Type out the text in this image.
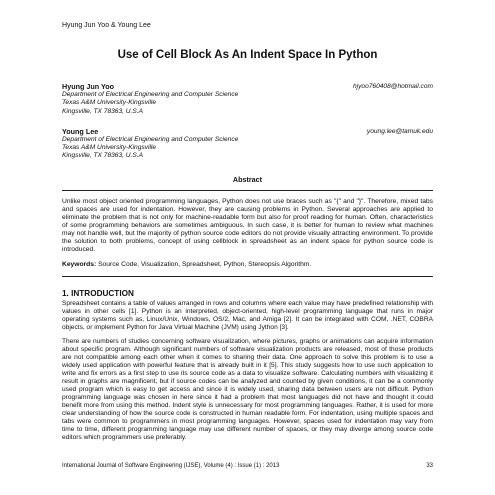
Hyung Jun Yoo & Young Lee
Use of Cell Block As An Indent Space In Python
Hyung Jun Yoo	hjyoo760408@hotmail.com
Department of Electrical Engineering and Computer Science
Texas A&M University-Kingsville
Kingsville, TX 78363, U.S.A
Young Lee	young.lee@tamuk.edu
Department of Electrical Engineering and Computer Science
Texas A&M University-Kingsville
Kingsville, TX 78363, U.S.A
Abstract
Unlike most object oriented programming languages, Python does not use braces such as "{" and "}". Therefore, mixed tabs and spaces are used for indentation. However, they are causing problems in Python. Several approaches are applied to eliminate the problem that is not only for machine-readable form but also for proof reading for human. Often, characteristics of some programming behaviors are sometimes ambiguous. In such case, it is better for human to review what machines may not handle well, but the majority of python source code editors do not provide visually attracting environment. To provide the solution to both problems, concept of using cellblock in spreadsheet as an indent space for python source code is introduced.
Keywords: Source Code, Visualization, Spreadsheet, Python, Stereopsis Algorithm.
1. INTRODUCTION

Spreadsheet contains a table of values arranged in rows and columns where each value may have predefined relationship with values in other cells [1]. Python is an interpreted, object-oriented, high-level programming language that runs in major operating systems such as, Linux/Unix, Windows, OS/2, Mac, and Amiga [2]. It can be integrated with COM, .NET, COBRA objects, or implement Python for Java Virtual Machine (JVM) using Jython [3].

There are numbers of studies concerning software visualization, where pictures, graphs or animations can acquire information about specific program. Although significant numbers of software visualization products are released, most of those products are not compatible among each other when it comes to sharing their data. One approach to solve this problem is to use a widely used application with powerful feature that is already built in it [5]. This study suggests how to use such application to write and fix errors as a first step to use its source code as a data to visualize software. Calculating numbers with visualizing it result in graphs are magnificent, but if source codes can be analyzed and counted by given conditions, it can be a commonly used program which is easy to get access and since it is widely used, sharing data between users are not difficult. Python programming language was chosen in here since it had a problem that most languages did not have and thought it could benefit more from using this method. Indent style is unnecessary for most programming languages. Rather, it is used for more clear understanding of how the source code is constructed in human readable form. For indentation, using multiple spaces and tabs were common to programmers in most programming languages. However, spaces used for indentation may vary from time to time, different programming language may use different number of spaces, or they may diverge among source code editors which programmers use preferably.

International Journal of Software Engineering (IJSE), Volume (4) : Issue (1) : 2013	33
